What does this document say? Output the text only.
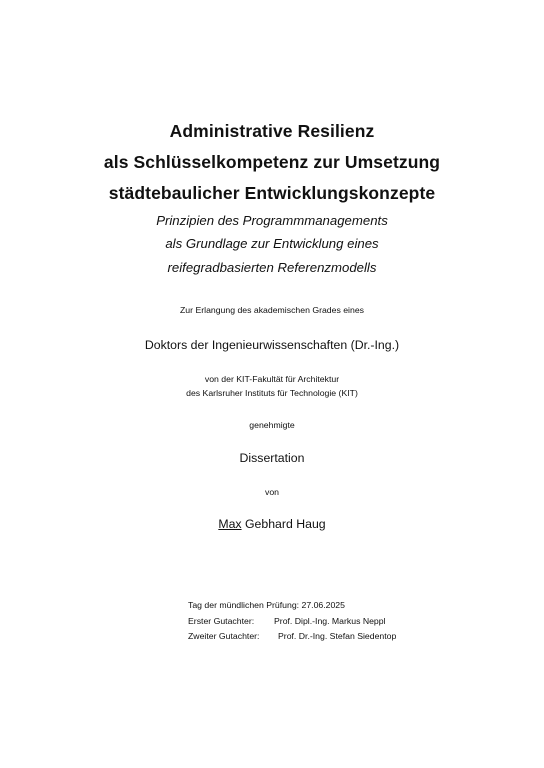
Administrative Resilienz
als Schlüsselkompetenz zur Umsetzung
städtebaulicher Entwicklungskonzepte
Prinzipien des Programmmanagements
als Grundlage zur Entwicklung eines
reifegradbasierten Referenzmodells
Zur Erlangung des akademischen Grades eines
Doktors der Ingenieurwissenschaften (Dr.-Ing.)
von der KIT-Fakultät für Architektur
des Karlsruher Instituts für Technologie (KIT)
genehmigte
Dissertation
von
Max Gebhard Haug
Tag der mündlichen Prüfung: 27.06.2025
Erster Gutachter: Prof. Dipl.-Ing. Markus Neppl
Zweiter Gutachter: Prof. Dr.-Ing. Stefan Siedentop
